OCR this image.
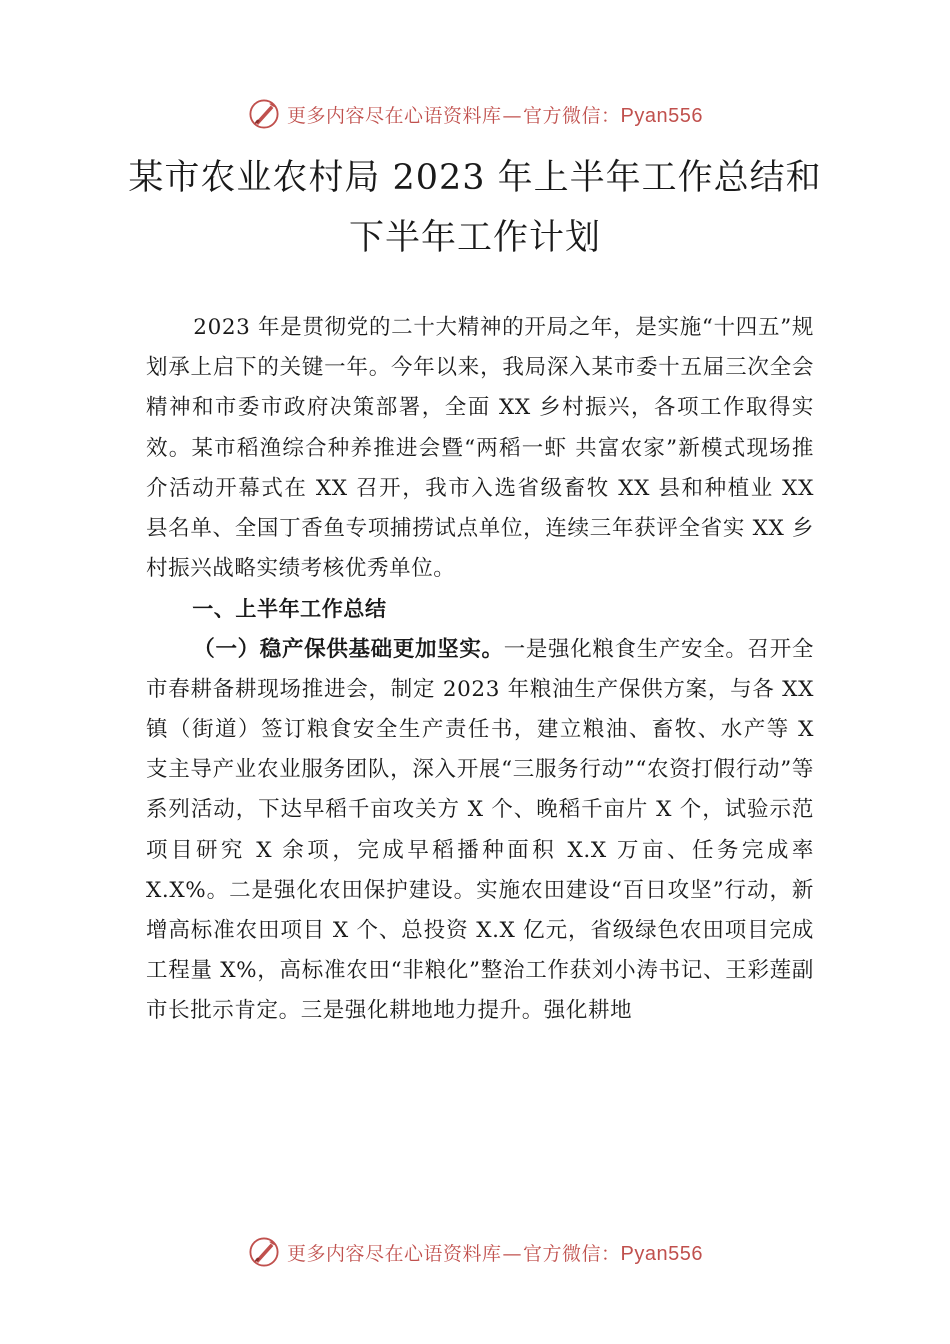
更多内容尽在心语资料库—官方微信：Pyan556
某市农业农村局 2023 年上半年工作总结和
下半年工作计划

2023 年是贯彻党的二十大精神的开局之年，是实施“十四五”规划承上启下的关键一年。今年以来，我局深入某市委十五届三次全会精神和市委市政府决策部署，全面 XX 乡村振兴，各项工作取得实效。某市稻渔综合种养推进会暨“两稻一虾 共富农家”新模式现场推介活动开幕式在 XX 召开，我市入选省级畜牧 XX 县和种植业 XX 县名单、全国丁香鱼专项捕捞试点单位，连续三年获评全省实 XX 乡村振兴战略实绩考核优秀单位。

一、上半年工作总结

（一）稳产保供基础更加坚实。一是强化粮食生产安全。召开全市春耕备耕现场推进会，制定 2023 年粮油生产保供方案，与各 XX 镇（街道）签订粮食安全生产责任书，建立粮油、畜牧、水产等 X 支主导产业农业服务团队，深入开展“三服务行动”“农资打假行动”等系列活动，下达早稻千亩攻关方 X 个、晚稻千亩片 X 个，试验示范项目研究 X 余项，完成早稻播种面积 X.X 万亩、任务完成率 X.X%。二是强化农田保护建设。实施农田建设“百日攻坚”行动，新增高标准农田项目 X 个、总投资 X.X 亿元，省级绿色农田项目完成工程量 X%，高标准农田“非粮化”整治工作获刘小涛书记、王彩莲副市长批示肯定。三是强化耕地地力提升。强化耕地

更多内容尽在心语资料库—官方微信：Pyan556
